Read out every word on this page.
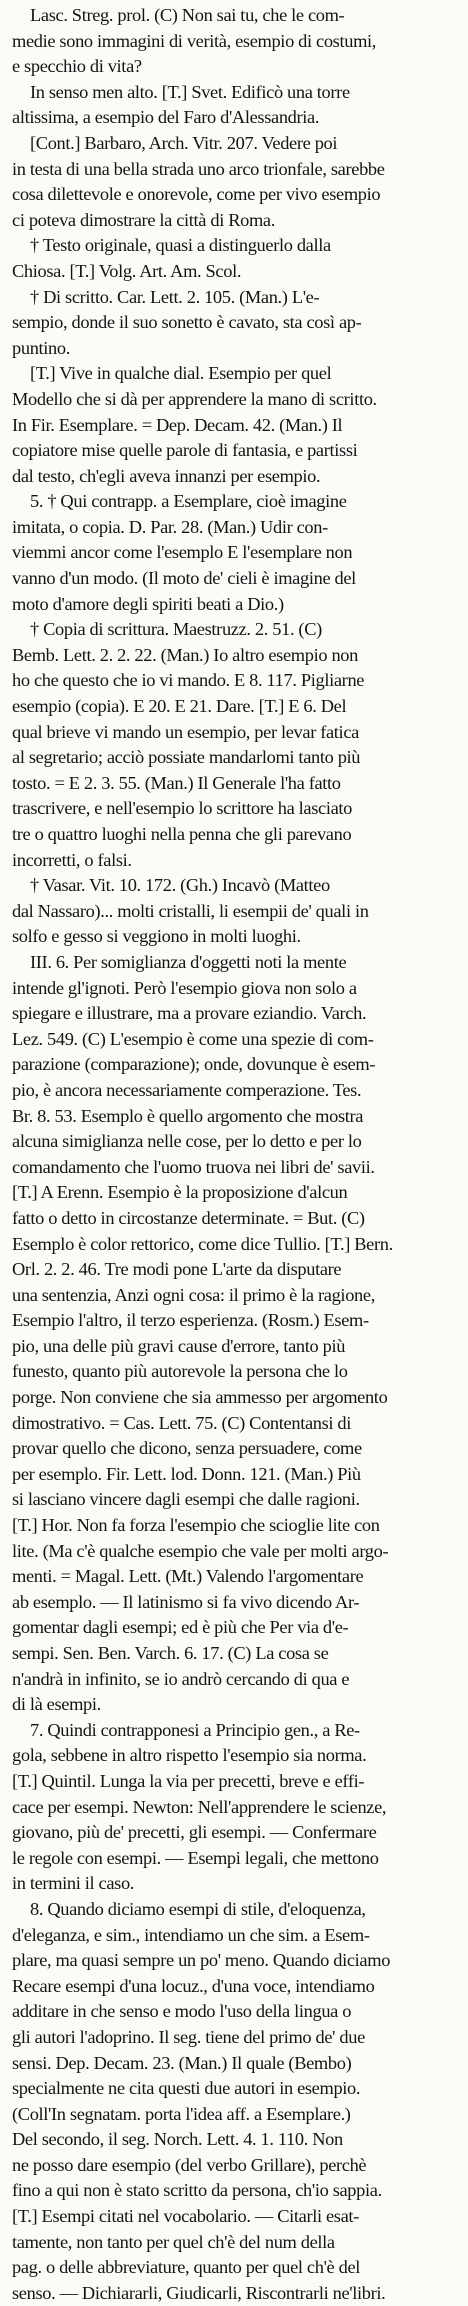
Lasc. Streg. prol. (C) Non sai tu, che le com-
medie sono immagini di verità, esempio di costumi,
e specchio di vita?
In senso men alto. [T.] Svet. Edificò una torre
altissima, a esempio del Faro d'Alessandria.
[Cont.] Barbaro, Arch. Vitr. 207. Vedere poi
in testa di una bella strada uno arco trionfale, sarebbe
cosa dilettevole e onorevole, come per vivo esempio
ci poteva dimostrare la città di Roma.
† Testo originale, quasi a distinguerlo dalla
Chiosa. [T.] Volg. Art. Am. Scol.
† Di scritto. Car. Lett. 2. 105. (Man.) L'e-
sempio, donde il suo sonetto è cavato, sta così ap-
puntino.
[T.] Vive in qualche dial. Esempio per quel
Modello che si dà per apprendere la mano di scritto.
In Fir. Esemplare. = Dep. Decam. 42. (Man.) Il
copiatore mise quelle parole di fantasia, e partissi
dal testo, ch'egli aveva innanzi per esempio.
5. † Qui contrapp. a Esemplare, cioè imagine
imitata, o copia. D. Par. 28. (Man.) Udir con-
viemmi ancor come l'esemplo E l'esemplare non
vanno d'un modo. (Il moto de' cieli è imagine del
moto d'amore degli spiriti beati a Dio.)
† Copia di scrittura. Maestruzz. 2. 51. (C)
Bemb. Lett. 2. 2. 22. (Man.) Io altro esempio non
ho che questo che io vi mando. E 8. 117. Pigliarne
esempio (copia). E 20. E 21. Dare. [T.] E 6. Del
qual brieve vi mando un esempio, per levar fatica
al segretario; acciò possiate mandarlomi tanto più
tosto. = E 2. 3. 55. (Man.) Il Generale l'ha fatto
trascrivere, e nell'esempio lo scrittore ha lasciato
tre o quattro luoghi nella penna che gli parevano
incorretti, o falsi.
† Vasar. Vit. 10. 172. (Gh.) Incavò (Matteo
dal Nassaro)... molti cristalli, li esempii de' quali in
solfo e gesso si veggiono in molti luoghi.
III. 6. Per somiglianza d'oggetti noti la mente
intende gl'ignoti. Però l'esempio giova non solo a
spiegare e illustrare, ma a provare eziandio. Varch.
Lez. 549. (C) L'esempio è come una spezie di com-
parazione (comparazione); onde, dovunque è esem-
pio, è ancora necessariamente comperazione. Tes.
Br. 8. 53. Esemplo è quello argomento che mostra
alcuna simiglianza nelle cose, per lo detto e per lo
comandamento che l'uomo truova nei libri de' savii.
[T.] A Erenn. Esempio è la proposizione d'alcun
fatto o detto in circostanze determinate. = But. (C)
Esemplo è color rettorico, come dice Tullio. [T.] Bern.
Orl. 2. 2. 46. Tre modi pone L'arte da disputare
una sentenzia, Anzi ogni cosa: il primo è la ragione,
Esempio l'altro, il terzo esperienza. (Rosm.) Esem-
pio, una delle più gravi cause d'errore, tanto più
funesto, quanto più autorevole la persona che lo
porge. Non conviene che sia ammesso per argomento
dimostrativo. = Cas. Lett. 75. (C) Contentansi di
provar quello che dicono, senza persuadere, come
per esemplo. Fir. Lett. lod. Donn. 121. (Man.) Più
si lasciano vincere dagli esempi che dalle ragioni.
[T.] Hor. Non fa forza l'esempio che scioglie lite con
lite. (Ma c'è qualche esempio che vale per molti argo-
menti. = Magal. Lett. (Mt.) Valendo l'argomentare
ab esemplo. — Il latinismo si fa vivo dicendo Ar-
gomentar dagli esempi; ed è più che Per via d'e-
sempi. Sen. Ben. Varch. 6. 17. (C) La cosa se
n'andrà in infinito, se io andrò cercando di qua e
di là esempi.
7. Quindi contrapponesi a Principio gen., a Re-
gola, sebbene in altro rispetto l'esempio sia norma.
[T.] Quintil. Lunga la via per precetti, breve e effi-
cace per esempi. Newton: Nell'apprendere le scienze,
giovano, più de' precetti, gli esempi. — Confermare
le regole con esempi. — Esempi legali, che mettono
in termini il caso.
8. Quando diciamo esempi di stile, d'eloquenza,
d'eleganza, e sim., intendiamo un che sim. a Esem-
plare, ma quasi sempre un po' meno. Quando diciamo
Recare esempi d'una locuz., d'una voce, intendiamo
additare in che senso e modo l'uso della lingua o
gli autori l'adoprino. Il seg. tiene del primo de' due
sensi. Dep. Decam. 23. (Man.) Il quale (Bembo)
specialmente ne cita questi due autori in esempio.
(Coll'In segnatam. porta l'idea aff. a Esemplare.)
Del secondo, il seg. Norch. Lett. 4. 1. 110. Non
ne posso dare esempio (del verbo Grillare), perchè
fino a qui non è stato scritto da persona, ch'io sappia.
[T.] Esempi citati nel vocabolario. — Citarli esat-
tamente, non tanto per quel ch'è del num della
pag. o delle abbreviature, quanto per quel ch'è del
senso. — Dichiararli, Giudicarli, Riscontrarli ne'libri.
